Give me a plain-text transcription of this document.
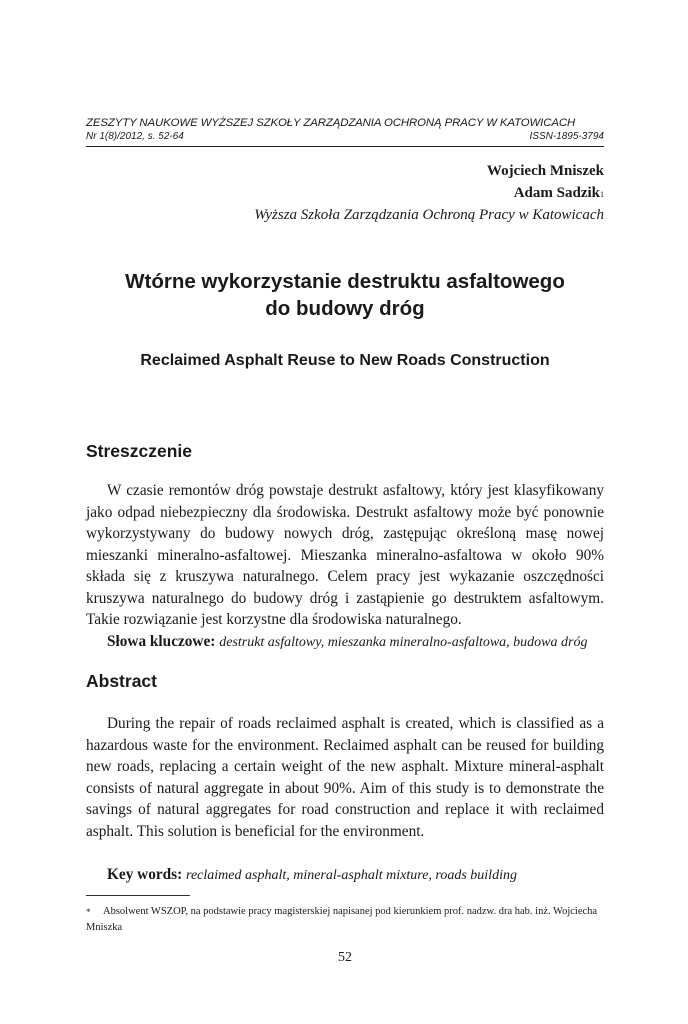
ZESZYTY NAUKOWE WYŻSZEJ SZKOŁY ZARZĄDZANIA OCHRONĄ PRACY W KATOWICACH
Nr 1(8)/2012, s. 52-64	ISSN-1895-3794
Wojciech Mniszek
Adam Sadzik$^1$
Wyższa Szkoła Zarządzania Ochroną Pracy w Katowicach
Wtórne wykorzystanie destruktu asfaltowego
do budowy dróg
Reclaimed Asphalt Reuse to New Roads Construction
Streszczenie

W czasie remontów dróg powstaje destrukt asfaltowy, który jest klasyfikowany jako odpad niebezpieczny dla środowiska. Destrukt asfaltowy może być ponownie wykorzystywany do budowy nowych dróg, zastępując określoną masę nowej mieszanki mineralno-asfaltowej. Mieszanka mineralno-asfaltowa w około 90% składa się z kruszywa naturalnego. Celem pracy jest wykazanie oszczędności kruszywa naturalnego do budowy dróg i zastąpienie go destruktem asfaltowym. Takie rozwiązanie jest korzystne dla środowiska naturalnego.

Słowa kluczowe: destrukt asfaltowy, mieszanka mineralno-asfaltowa, budowa dróg
Abstract

During the repair of roads reclaimed asphalt is created, which is classified as a hazardous waste for the environment. Reclaimed asphalt can be reused for building new roads, replacing a certain weight of the new asphalt. Mixture mineral-asphalt consists of natural aggregate in about 90%. Aim of this study is to demonstrate the savings of natural aggregates for road construction and replace it with reclaimed asphalt. This solution is beneficial for the environment.

Key words: reclaimed asphalt, mineral-asphalt mixture, roads building
* Absolwent WSZOP, na podstawie pracy magisterskiej napisanej pod kierunkiem prof. nadzw. dra hab. inż. Wojciecha Mniszka
52
